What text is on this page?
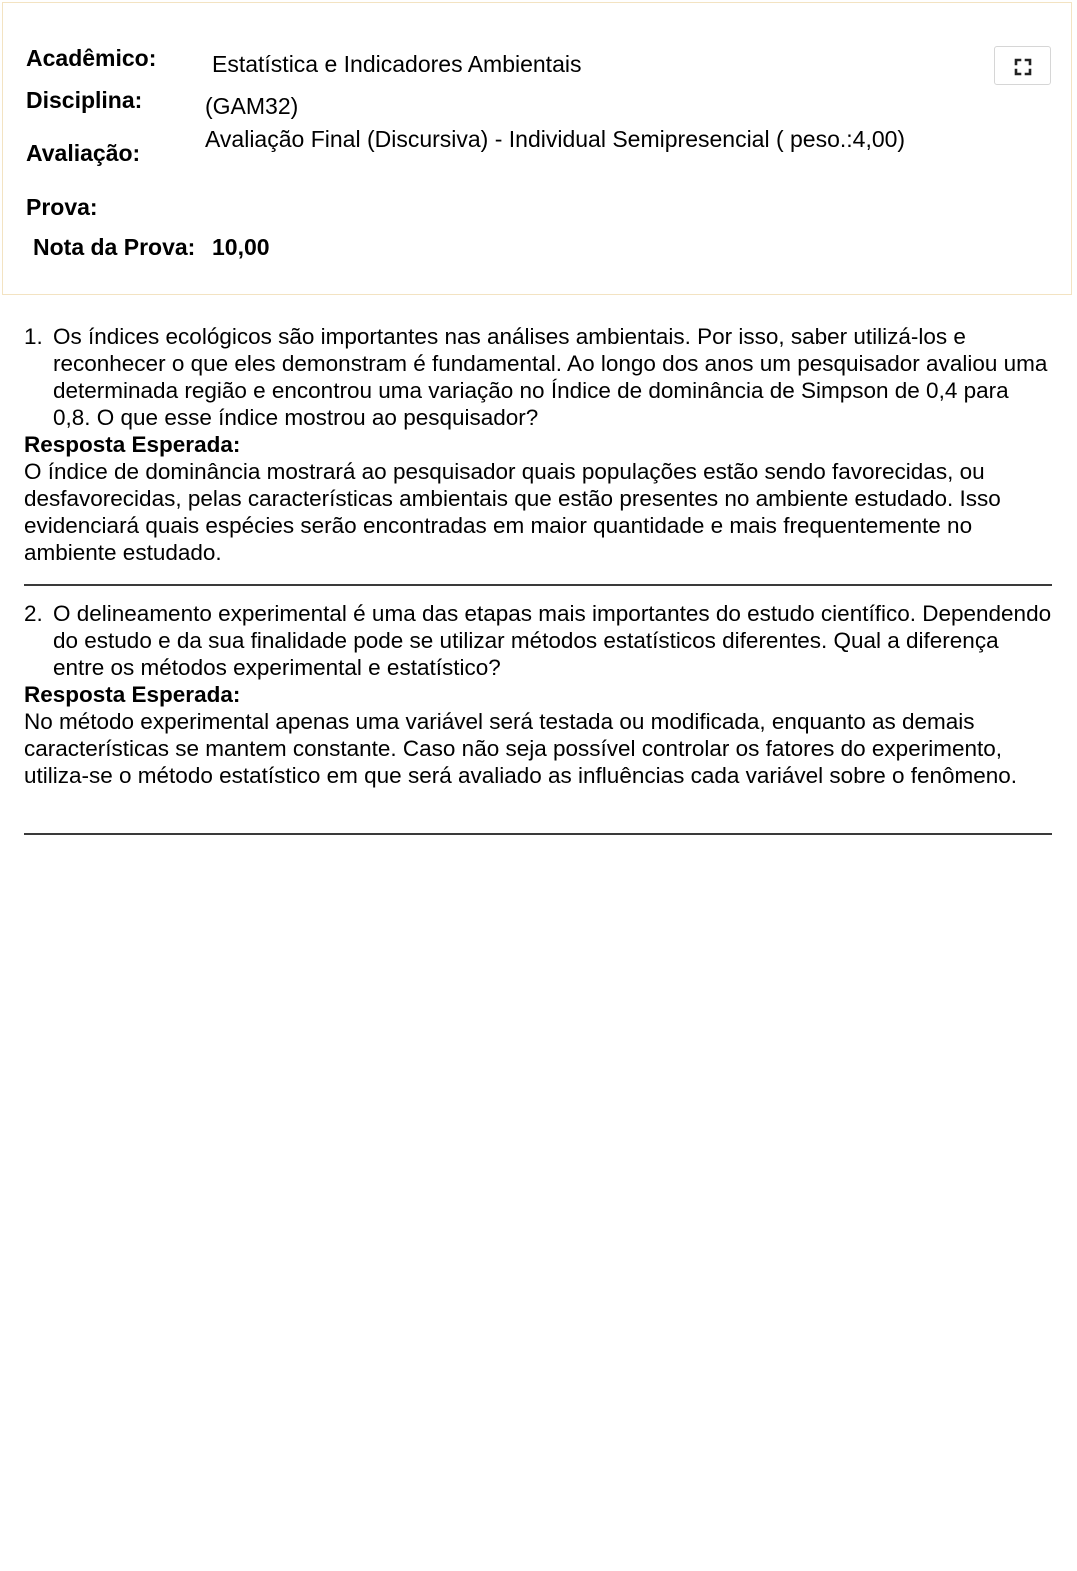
Acadêmico: Estatística e Indicadores Ambientais
Disciplina:	(GAM32)
Avaliação Final (Discursiva) - Individual Semipresencial ( peso.:4,00)
Avaliação:
Prova:
Nota da Prova: 10,00
1. Os índices ecológicos são importantes nas análises ambientais. Por isso, saber utilizá-los e reconhecer o que eles demonstram é fundamental. Ao longo dos anos um pesquisador avaliou uma determinada região e encontrou uma variação no Índice de dominância de Simpson de 0,4 para 0,8. O que esse índice mostrou ao pesquisador?
Resposta Esperada:
O índice de dominância mostrará ao pesquisador quais populações estão sendo favorecidas, ou desfavorecidas, pelas características ambientais que estão presentes no ambiente estudado. Isso evidenciará quais espécies serão encontradas em maior quantidade e mais frequentemente no ambiente estudado.
2. O delineamento experimental é uma das etapas mais importantes do estudo científico. Dependendo do estudo e da sua finalidade pode se utilizar métodos estatísticos diferentes. Qual a diferença entre os métodos experimental e estatístico?
Resposta Esperada:
No método experimental apenas uma variável será testada ou modificada, enquanto as demais características se mantem constante. Caso não seja possível controlar os fatores do experimento, utiliza-se o método estatístico em que será avaliado as influências cada variável sobre o fenômeno.
